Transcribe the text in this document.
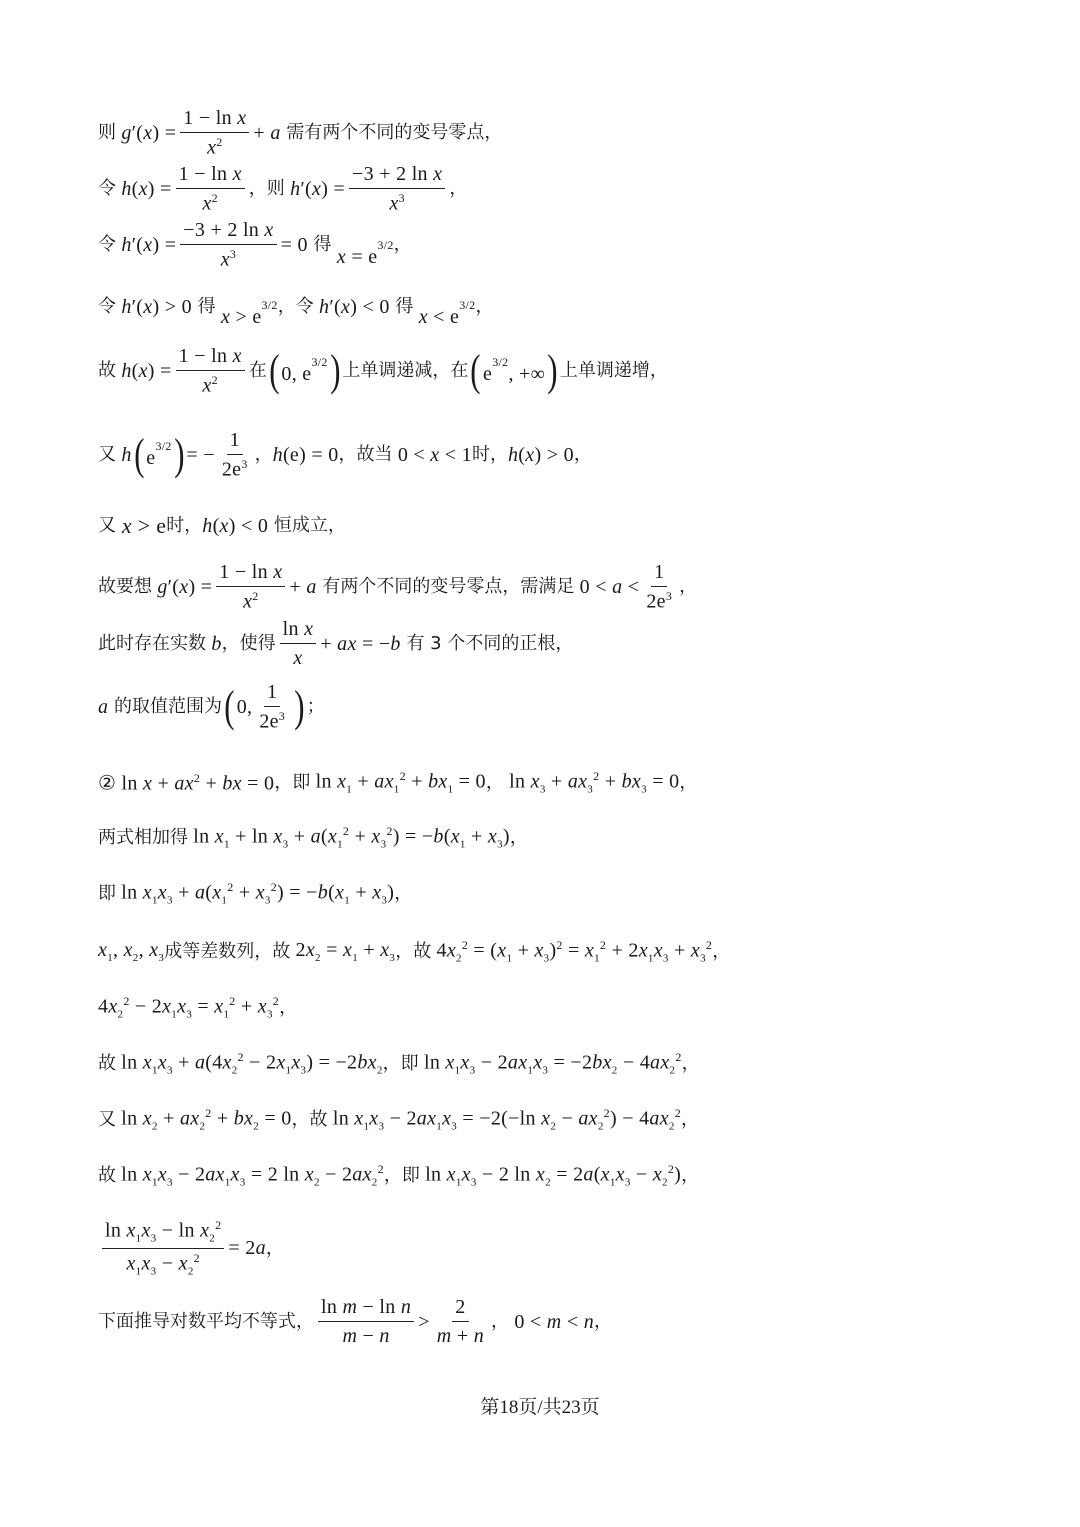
则 $g'(x) = \frac{\text{1 − ln x}}{x^2} + a$ 需有两个不同的变号零点，
令 $h(x) = \frac{\text{1 − ln x}}{x^2}$ ，则 $h'(x) = \frac{\text{−3 + 2 ln x}}{x^3}$ ，
令 $h'(x) = \frac{\text{−3 + 2 ln x}}{x^3} = 0$ 得
$x = e^{3/2}$ ，
令 h′(x) > 0 得 $x > e^{3/2}$ ，令 h′(x) < 0 得 $x < e^{3/2}$ ，
故 $h(x) = \frac{\text{1 − ln x}}{x^2}$ 在 ( 0, $e^{3/2}$ ) 上单调递减，在 ( $e^{3/2}$, +∞ ) 上单调递增，
又 h ( $e^{3/2}$ ) = − $\frac{1}{2e^3}$ ， h(e) = 0 ，故当 0 < x < 1 时， h(x) > 0 ，
又 x > e 时， h(x) < 0 恒成立，
故要想 $g'(x) = \frac{\text{1 − ln x}}{x^2} + a$ 有两个不同的变号零点，需满足 $0 < a < \frac{1}{2e^3}$ ，
此时存在实数 b ，使得 $\frac{\text{ln x}}{x}$ + ax = −b 有 3 个不同的正根，
a 的取值范围为 ( 0, $\frac{1}{2e^3}$ ) ；
② $\ln x + ax^2$ + bx = 0 ，即 $\ln x_1 + ax_1^2 + bx_1 = 0$ ， $\ln x_3 + ax_3^2 + bx_3 = 0$ ，
两式相加得 $\ln x_1 + \ln x_3 + a(x_1^2 + x_3^2) = -b(x_1 + x_3)$ ，
即 $\ln x_1x_3 + a(x_1^2 + x_3^2) = -b(x_1 + x_3)$ ，
$x_1$, $x_2$, $x_3$ 成等差数列，故 $2x_2 = x_1 + x_3$ ，故 $4x_2^2 = (x_1 + x_3)^2 = x_1^2 + 2x_1x_3 + x_3^2$ ，
$4x_2^2 - 2x_1x_3 = x_1^2 + x_3^2$ ，
故 $\ln x_1x_3 + a(4x_2^2 - 2x_1x_3) = -2bx_2$ ，即 $\ln x_1x_3 - 2ax_1x_3 = -2bx_2 - 4ax_2^2$ ，
又 $\ln x_2 + ax_2^2 + bx_2 = 0$ ，故 $\ln x_1x_3 - 2ax_1x_3 = -2(-\ln$ $x_2 - ax_2^2) - 4ax_2^2$ ，
故 $\ln x_1x_3 - 2ax_1x_3 = 2$ $\ln x_2 - 2ax_2^2$ ，即 $\ln x_1x_3 - 2$ $\ln x_2 = 2a(x_1x_3 - x_2^2)$ ，
$\frac{\ln x_1x_3 - \ln x_2^2}{x_1x_3 - x_2^2} = 2a$ ，
下面推导对数平均不等式， $\frac{\text{ln m − ln n}}{m - n} > \frac{2}{m + n}$ ， 0 < m < n ，
第18页/共23页
